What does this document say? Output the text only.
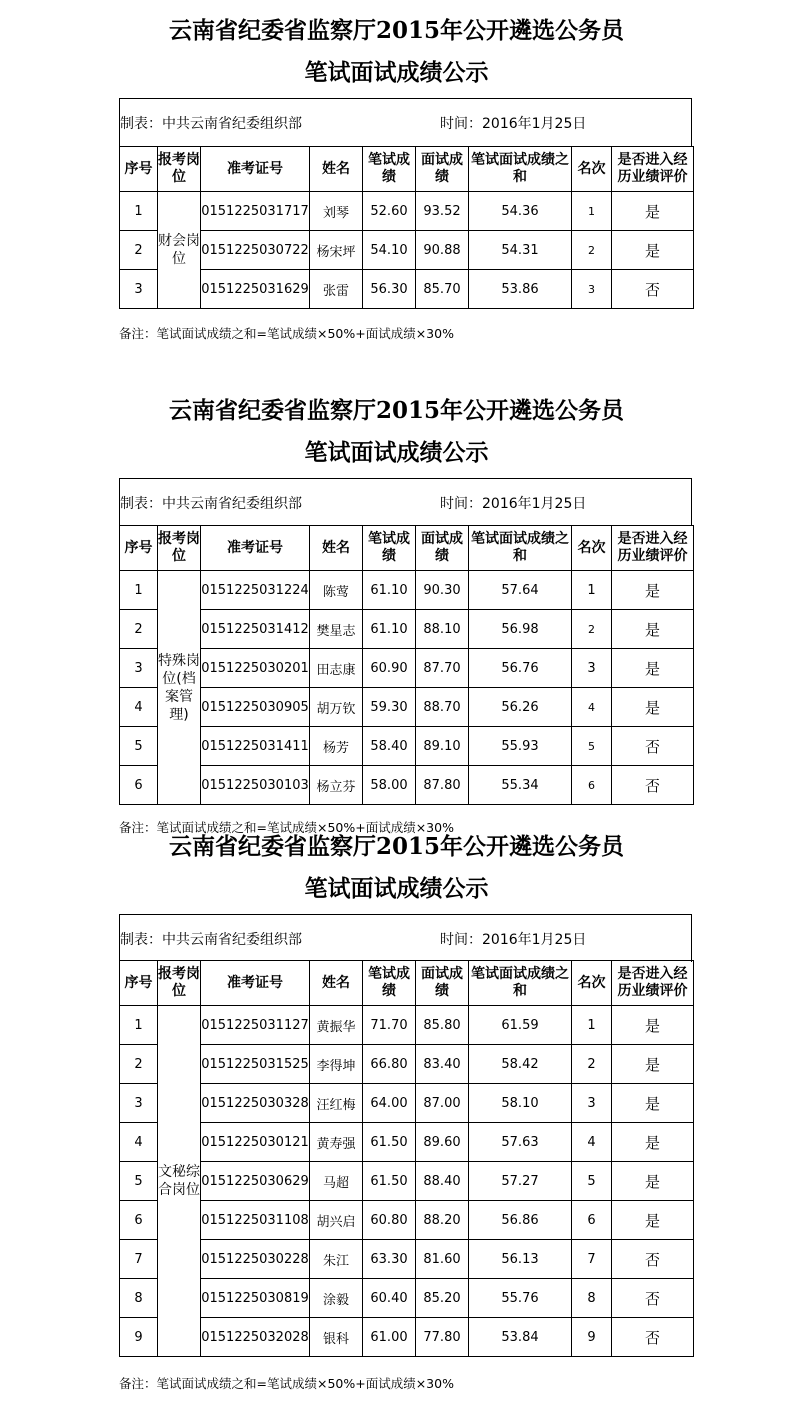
云南省纪委省监察厅2015年公开遴选公务员
笔试面试成绩公示
制表：中共云南省纪委组织部	时间：2016年1月25日
序号	报考岗位	准考证号	姓名	笔试成绩	面试成绩	笔试面试成绩之和	名次	是否进入经历业绩评价
1	财会岗位	0151225031717	刘琴	52.60	93.52	54.36	1	是
2		0151225030722	杨宋坪	54.10	90.88	54.31	2	是
3		0151225031629	张雷	56.30	85.70	53.86	3	否
备注：笔试面试成绩之和=笔试成绩×50%+面试成绩×30%
云南省纪委省监察厅2015年公开遴选公务员
笔试面试成绩公示
制表：中共云南省纪委组织部	时间：2016年1月25日
序号	报考岗位	准考证号	姓名	笔试成绩	面试成绩	笔试面试成绩之和	名次	是否进入经历业绩评价
1	特殊岗位(档案管理)	0151225031224	陈莺	61.10	90.30	57.64	1	是
2		0151225031412	樊星志	61.10	88.10	56.98	2	是
3		0151225030201	田志康	60.90	87.70	56.76	3	是
4		0151225030905	胡万钦	59.30	88.70	56.26	4	是
5		0151225031411	杨芳	58.40	89.10	55.93	5	否
6		0151225030103	杨立芬	58.00	87.80	55.34	6	否
备注：笔试面试成绩之和=笔试成绩×50%+面试成绩×30%
云南省纪委省监察厅2015年公开遴选公务员
笔试面试成绩公示
制表：中共云南省纪委组织部	时间：2016年1月25日
序号	报考岗位	准考证号	姓名	笔试成绩	面试成绩	笔试面试成绩之和	名次	是否进入经历业绩评价
1	文秘综合岗位	0151225031127	黄振华	71.70	85.80	61.59	1	是
2		0151225031525	李得坤	66.80	83.40	58.42	2	是
3		0151225030328	汪红梅	64.00	87.00	58.10	3	是
4		0151225030121	黄寿强	61.50	89.60	57.63	4	是
5		0151225030629	马超	61.50	88.40	57.27	5	是
6		0151225031108	胡兴启	60.80	88.20	56.86	6	是
7		0151225030228	朱江	63.30	81.60	56.13	7	否
8		0151225030819	涂毅	60.40	85.20	55.76	8	否
9		0151225032028	银科	61.00	77.80	53.84	9	否
备注：笔试面试成绩之和=笔试成绩×50%+面试成绩×30%
